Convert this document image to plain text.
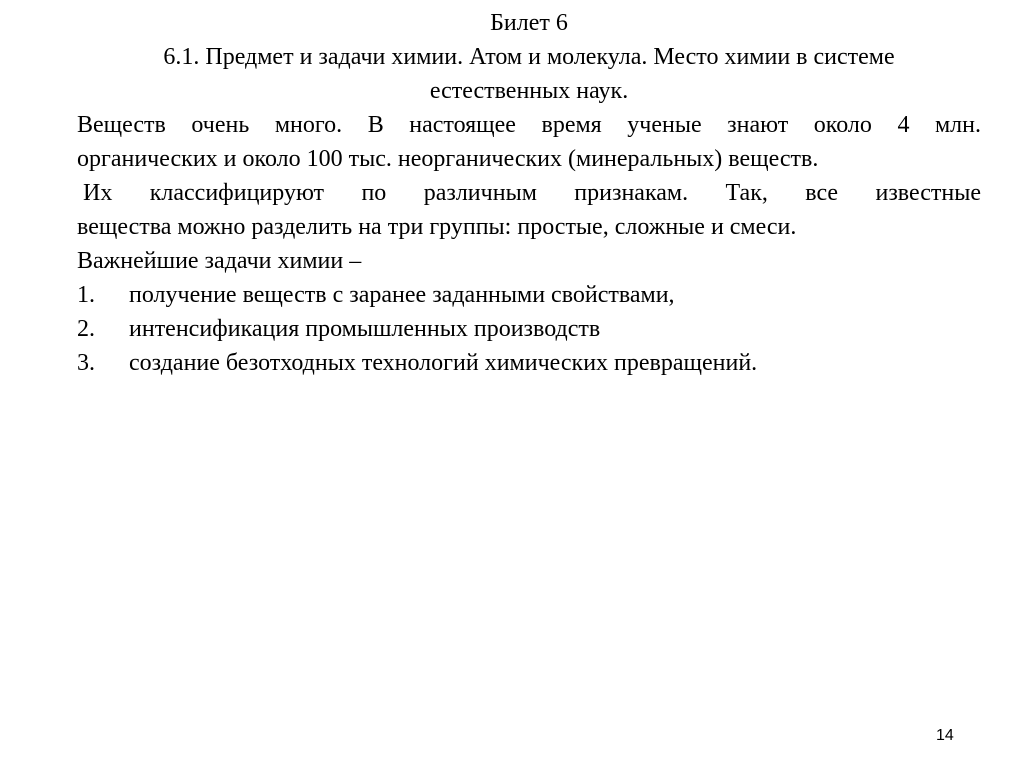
Билет 6
6.1. Предмет и задачи химии. Атом и молекула. Место химии в системе
естественных наук.
Веществ очень много. В настоящее время ученые знают около 4 млн.
органических и около 100 тыс. неорганических (минеральных) веществ.
Их классифицируют по различным признакам. Так, все известные
вещества можно разделить на три группы: простые, сложные и смеси.
Важнейшие задачи химии –
1.	получение веществ с заранее заданными свойствами,
2.	интенсификация промышленных производств
3.	создание безотходных технологий химических превращений.
14
